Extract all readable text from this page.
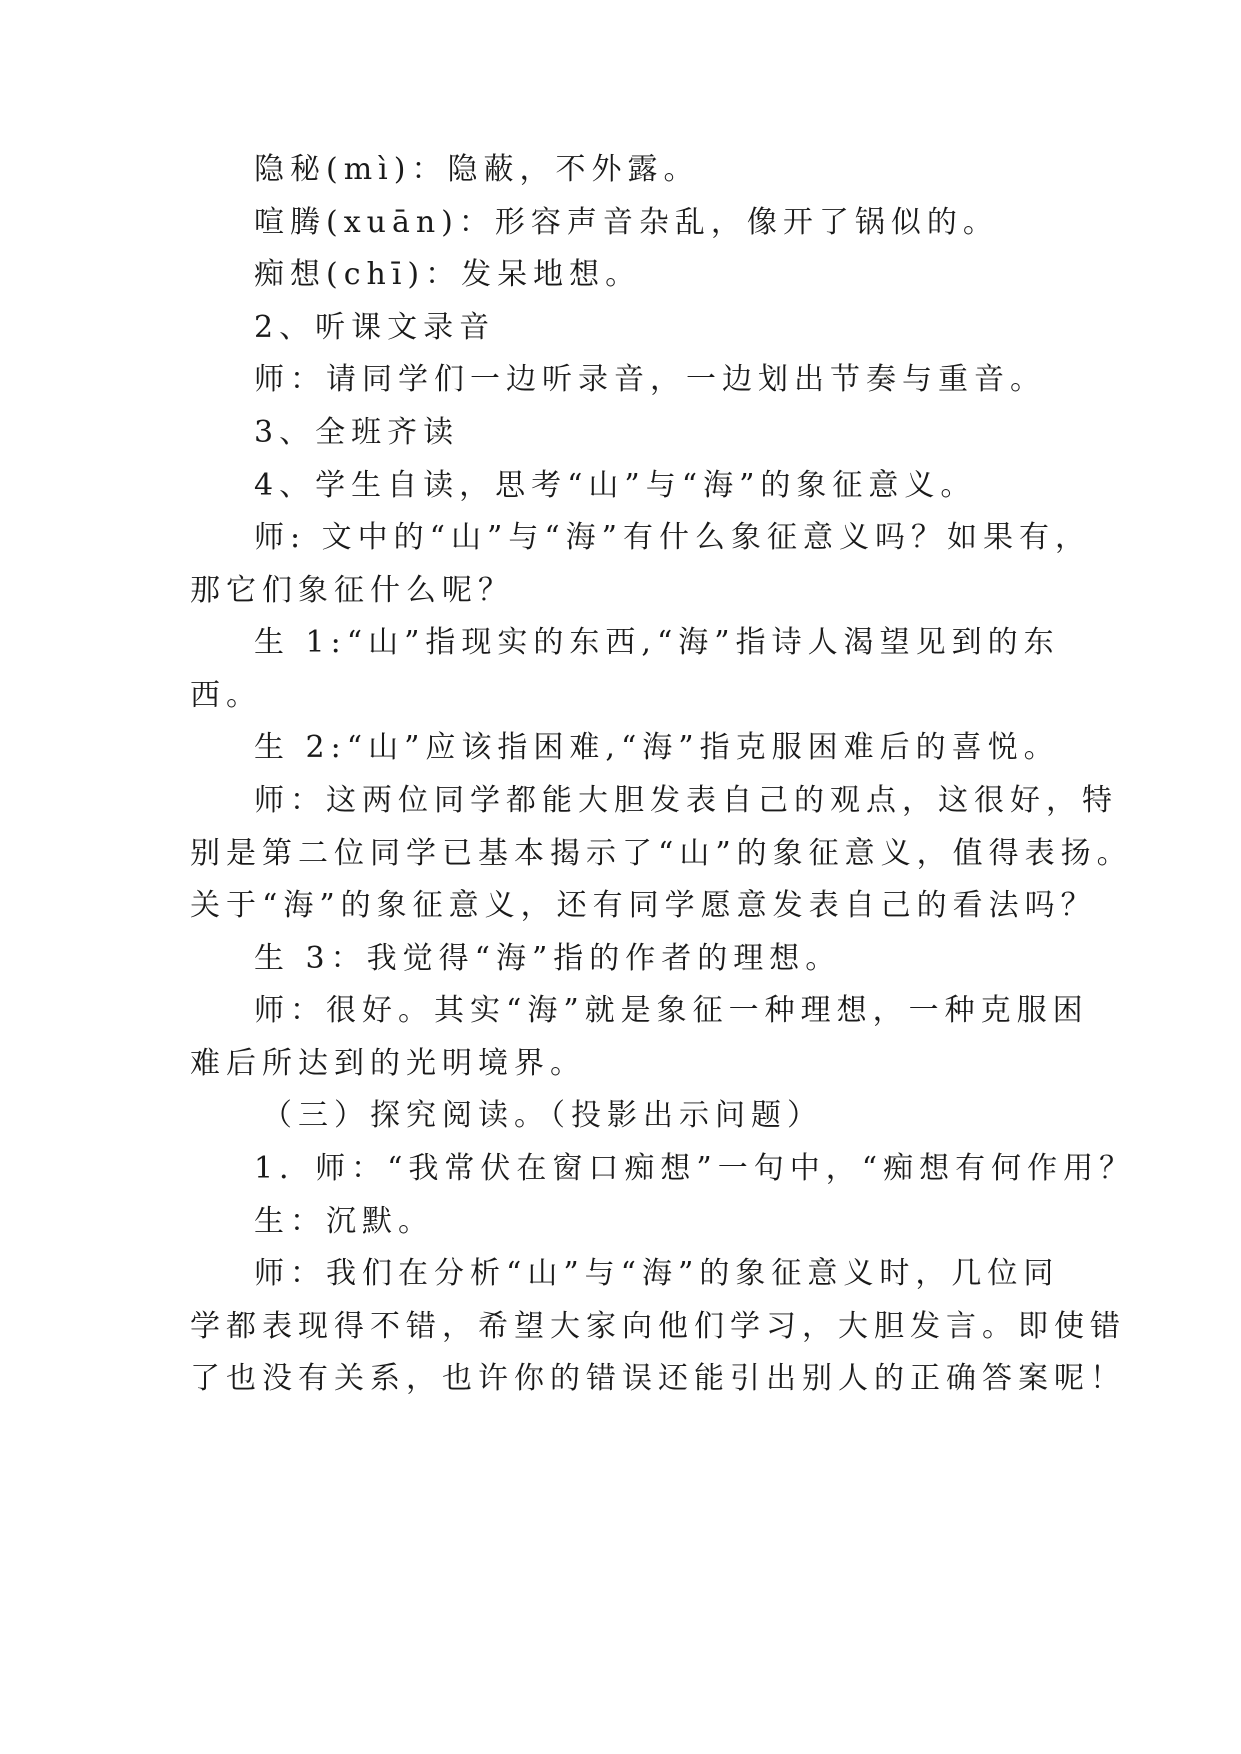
隐秘(mì)：隐蔽，不外露。
喧腾(xuān)：形容声音杂乱，像开了锅似的。
痴想(chī)：发呆地想。
2、听课文录音
师：请同学们一边听录音，一边划出节奏与重音。
3、全班齐读
4、学生自读，思考“山”与“海”的象征意义。
师: 文中的“山”与“海”有什么象征意义吗？如果有，
那它们象征什么呢？
生 1:“山”指现实的东西,“海”指诗人渴望见到的东
西。
生 2:“山”应该指困难,“海”指克服困难后的喜悦。
师：这两位同学都能大胆发表自己的观点，这很好，特
别是第二位同学已基本揭示了“山”的象征意义，值得表扬。
关于“海”的象征意义，还有同学愿意发表自己的看法吗？
生 3：我觉得“海”指的作者的理想。
师：很好。其实“海”就是象征一种理想，一种克服困
难后所达到的光明境界。
（三）探究阅读。（投影出示问题）
1．师：“我常伏在窗口痴想”一句中，“痴想有何作用？
生：沉默。
师：我们在分析“山”与“海”的象征意义时，几位同
学都表现得不错，希望大家向他们学习，大胆发言。即使错
了也没有关系，也许你的错误还能引出别人的正确答案呢！
